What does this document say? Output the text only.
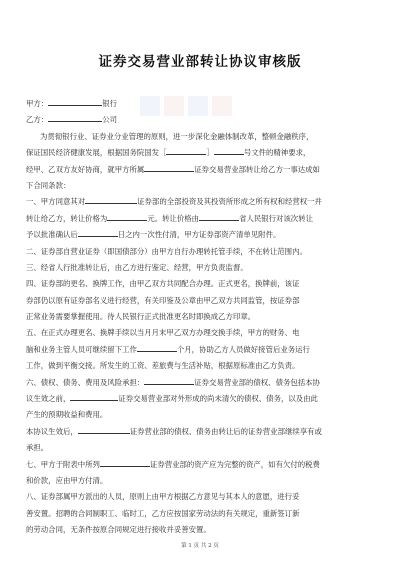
证券交易营业部转让协议审核版
甲方：	银行
乙方：	公司
为贯彻银行业、证券业分业管理的原则，进一步深化金融体制改革，整顿金融秩序，
保证国民经济健康发展，根据国务院国发［	］	号文件的精神要求，
经甲、乙双方友好协商，就甲方所属	证券交易营业部转让给乙方一事达成如
下合同条款：
一、甲方同意其对	证券部的全部投资及其投资所形成之所有权和经营权一并
转让给乙方，转让价格为	元。转让价格由	省人民银行对该次转让
予以批准确认后	日之内一次性付清，甲方证券部资产清单见附件。
二、证券部自营业证券（即国债部分）由甲方自行办理转托管手续，不在转让范围内。
三、经省人行批准转让后，由乙方进行鉴定、经营，甲方负责监督。
四、证券部的更名、换牌工作，由甲乙双方共同配合办理。正式更名，换牌前，该证
券部仍以原有证券部名义进行经营，有关印鉴及公章由甲乙双方共同监管，按证券部
正常业务需要掌握使用。待人民银行正式批准更名时即换成乙方印章。
五、在正式办理更名、换牌手续以当月月末甲乙双方办理交换手续，甲方的财务、电
脑和业务主管人员可继续留下工作	个月，协助乙方人员做好接管后业务运行
工作，做到平衡交接。所发生的工资、差旅费与生活补贴，根据原标准由乙方负责。
六、债权、债务、费用及风险承担：	证券交易营业部的债权、债务包括本协
议生效之前，	证券交易营业部对外形成的尚未清欠的债权、债务，以及由此
产生的预期收益和费用。
本协议生效后，	证券营业部的债权、债务由转让后的证券营业部继续享有或
承担。
七、甲方于附表中所列	证券营业部的资产应为完整的资产，如有欠付的税费
和价款，应由甲方付清。
八、证券部属甲方派出的人员，原则上由甲方根据乙方意见与其本人的意愿，进行妥
善安置。招聘的合同制职工、临时工，乙方应按国家劳动法的有关规定，重新签订新
的劳动合同，无条件按原合同规定进行接收并妥善安置。
第 1 页 共 2 页
